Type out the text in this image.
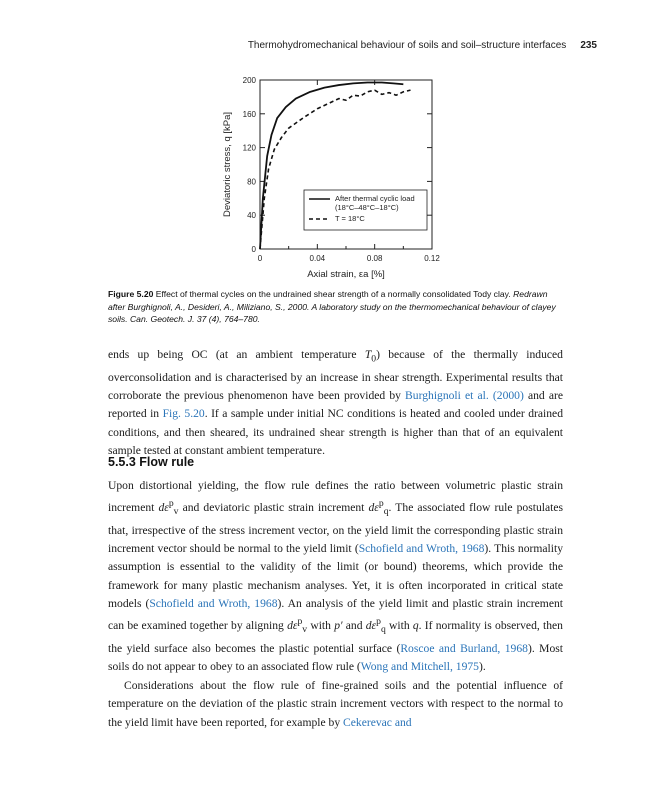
Thermohydromechanical behaviour of soils and soil–structure interfaces 235
0	0.04	0.08	0.12
0
40
80
120
160
200
After thermal cyclic load
(18°C–48°C–18°C)
T = 18°C
Axial strain, εa [%]
Deviatoric stress, q [kPa]
Figure 5.20 Effect of thermal cycles on the undrained shear strength of a normally consolidated Tody clay. Redrawn after Burghignoli, A., Desideri, A., Miliziano, S., 2000. A laboratory study on the thermomechanical behaviour of clayey soils. Can. Geotech. J. 37 (4), 764–780.

ends up being OC (at an ambient temperature $T_0$) because of the thermally induced overconsolidation and is characterised by an increase in shear strength. Experimental results that corroborate the previous phenomenon have been provided by Burghignoli et al. (2000) and are reported in Fig. 5.20. If a sample under initial NC conditions is heated and cooled under drained conditions, and then sheared, its undrained shear strength is higher than that of an equivalent sample tested at constant ambient temperature.

5.5.3 Flow rule

Upon distortional yielding, the flow rule defines the ratio between volumetric plastic strain increment $d\varepsilon^p_v$ and deviatoric plastic strain increment $d\varepsilon^p_q$. The associated flow rule postulates that, irrespective of the stress increment vector, on the yield limit the corresponding plastic strain increment vector should be normal to the yield limit (Schofield and Wroth, 1968). This normality assumption is essential to the validity of the limit (or bound) theorems, which provide the framework for many plastic mechanism analyses. Yet, it is often incorporated in critical state models (Schofield and Wroth, 1968). An analysis of the yield limit and plastic strain increment can be examined together by aligning $d\varepsilon^p_v$ with p′ and $d\varepsilon^p_q$ with q. If normality is observed, then the yield surface also becomes the plastic potential surface (Roscoe and Burland, 1968). Most soils do not appear to obey to an associated flow rule (Wong and Mitchell, 1975).

Considerations about the flow rule of fine-grained soils and the potential influence of temperature on the deviation of the plastic strain increment vectors with respect to the normal to the yield limit have been reported, for example by Cekerevac and
